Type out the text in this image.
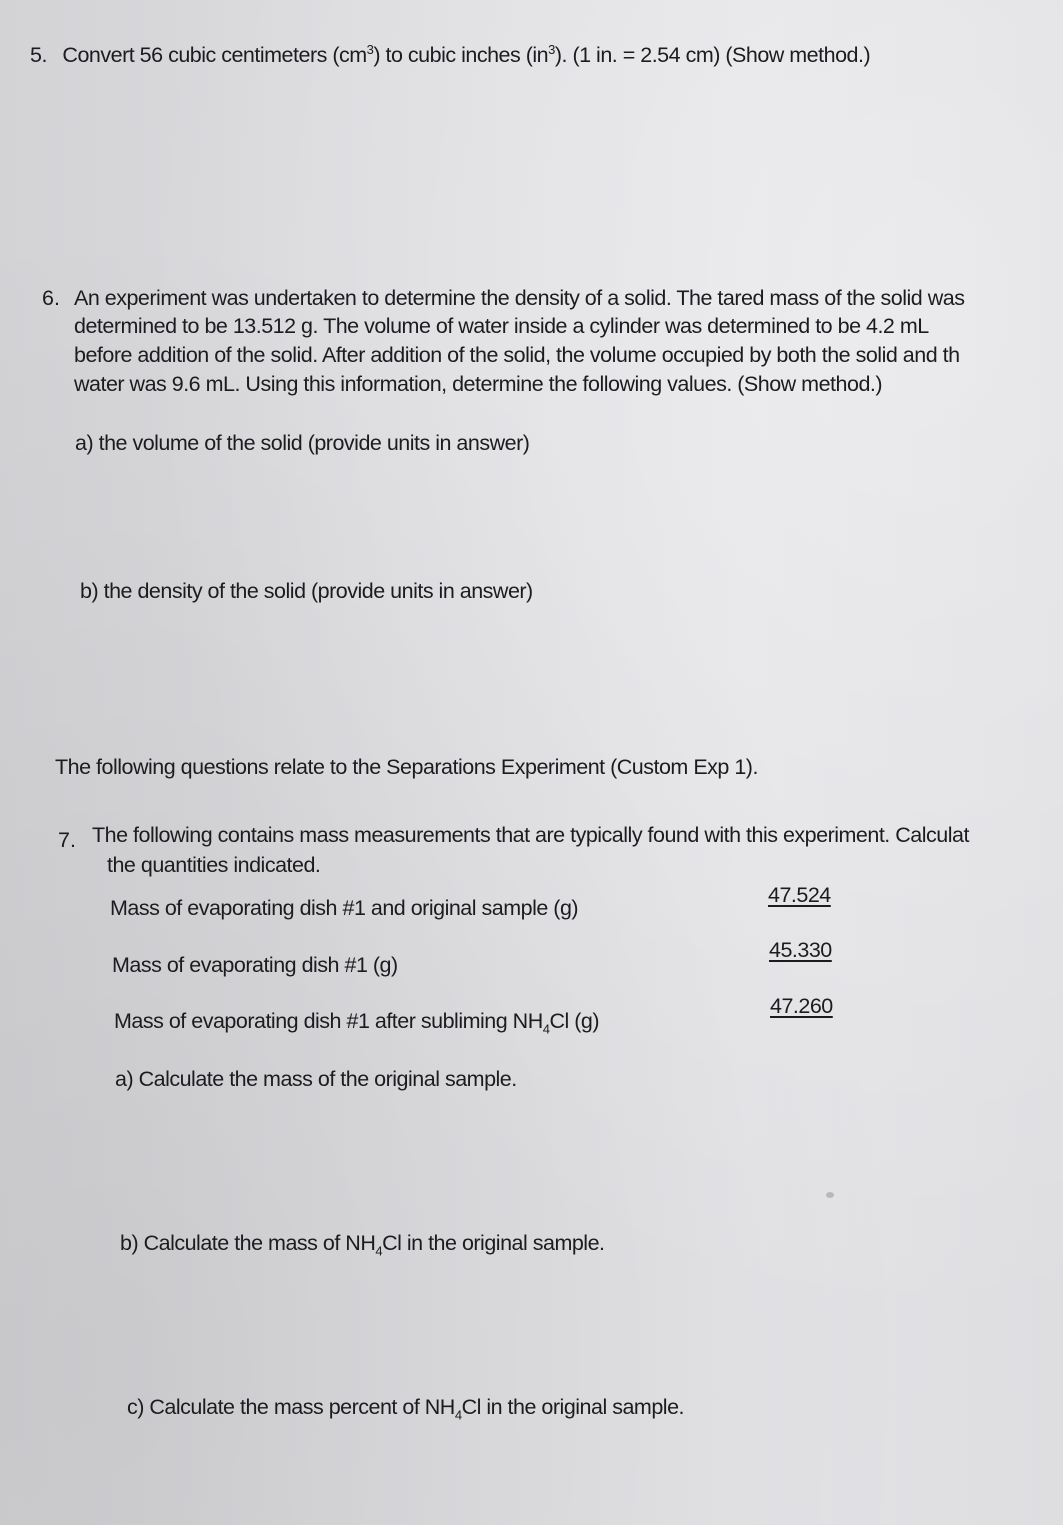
5. Convert 56 cubic centimeters $(cm^3)$ to cubic inches $(in^3)$. (1 in. = 2.54 cm) (Show method.)
6. An experiment was undertaken to determine the density of a solid. The tared mass of the solid was
determined to be 13.512 g. The volume of water inside a cylinder was determined to be 4.2 mL
before addition of the solid. After addition of the solid, the volume occupied by both the solid and th
water was 9.6 mL. Using this information, determine the following values. (Show method.)
a) the volume of the solid (provide units in answer)
b) the density of the solid (provide units in answer)
The following questions relate to the Separations Experiment (Custom Exp 1).
7. The following contains mass measurements that are typically found with this experiment. Calculat
the quantities indicated.
Mass of evaporating dish #1 and original sample (g)
47.524
Mass of evaporating dish #1 (g)
45.330
Mass of evaporating dish #1 after subliming $NH_4Cl$ (g)
47.260
a) Calculate the mass of the original sample.
b) Calculate the mass of $NH_4Cl$ in the original sample.
c) Calculate the mass percent of $NH_4Cl$ in the original sample.
